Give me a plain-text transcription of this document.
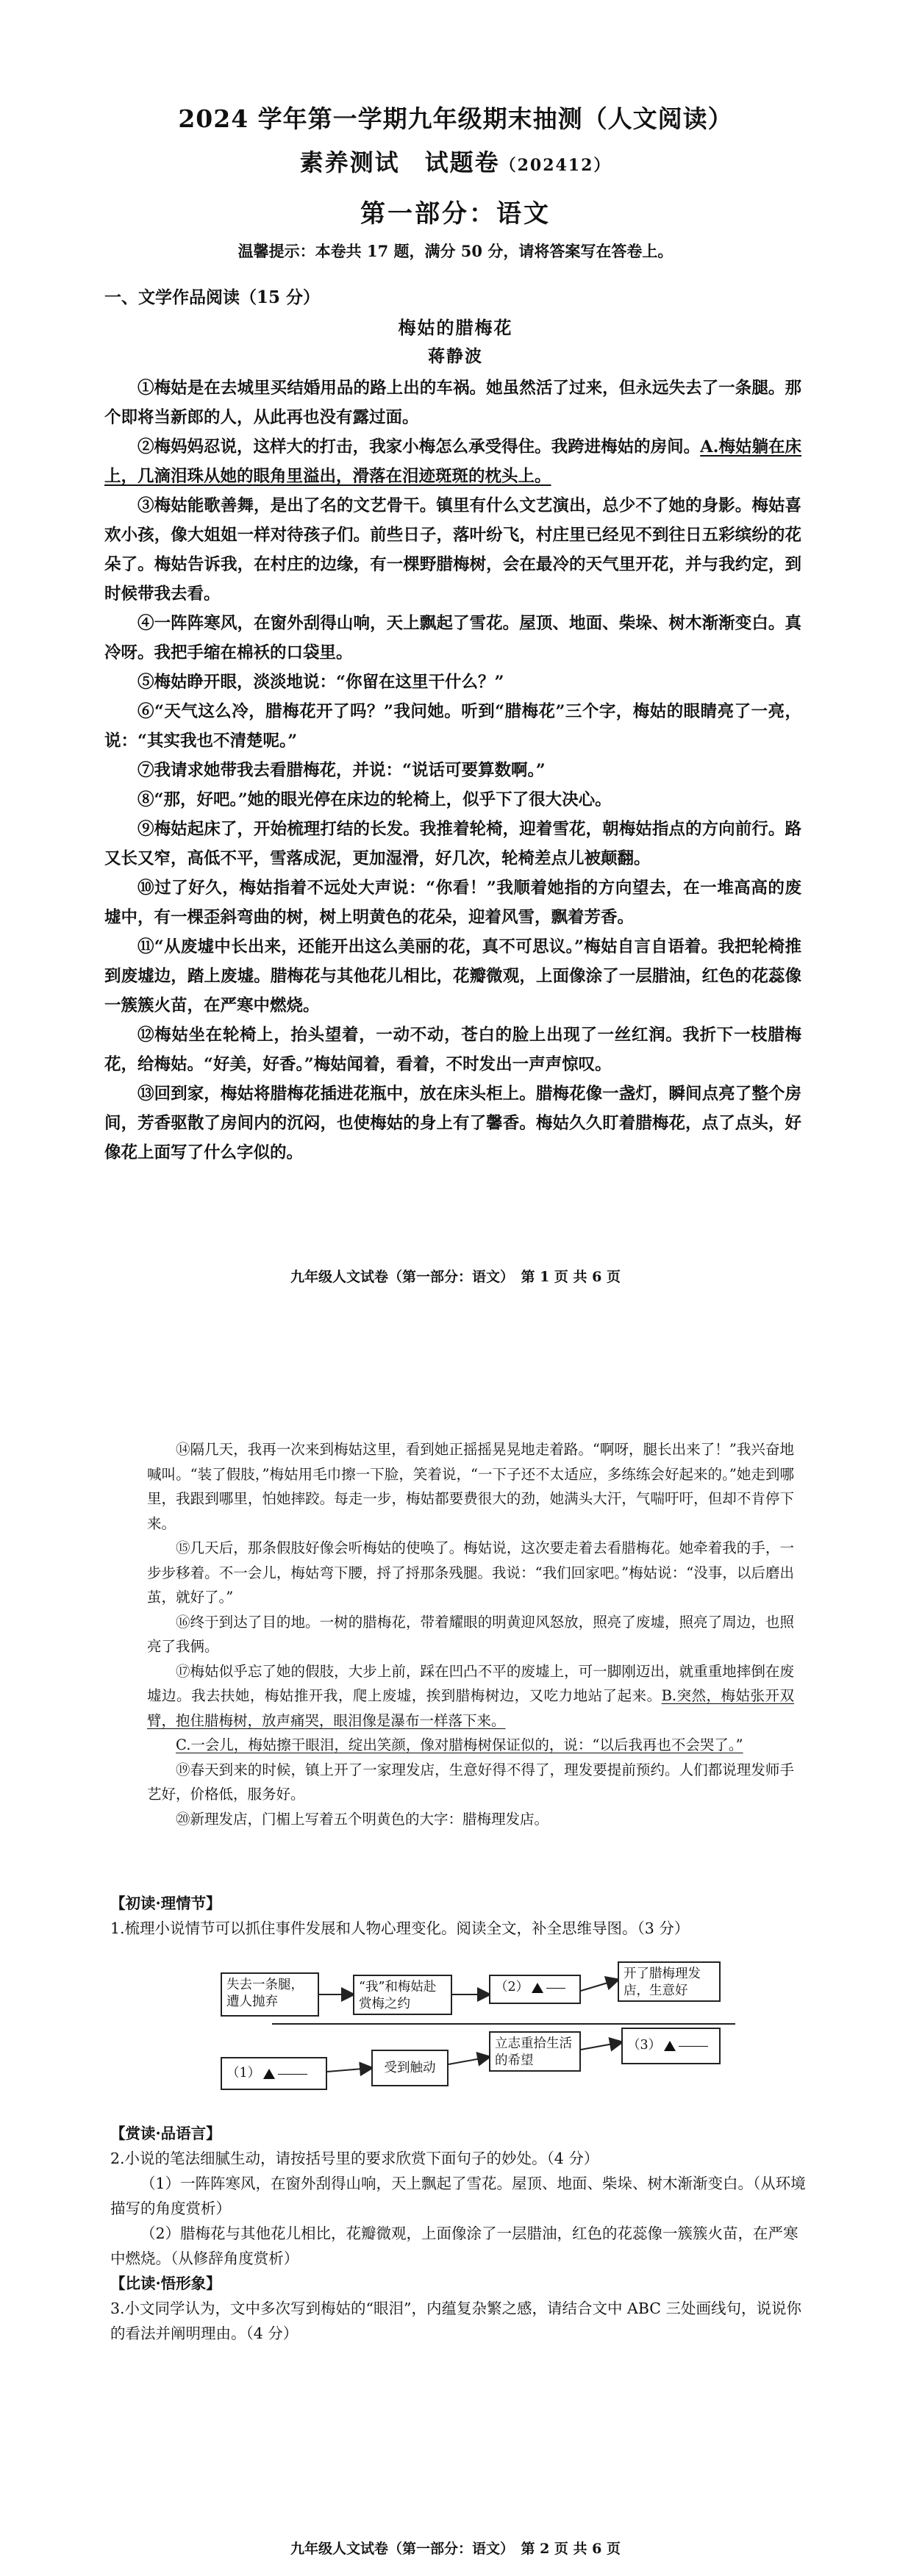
2024 学年第一学期九年级期末抽测（人文阅读）
素养测试　试题卷（202412）
第一部分：语文
温馨提示：本卷共 17 题，满分 50 分，请将答案写在答卷上。
一、文学作品阅读（15 分）
梅姑的腊梅花
蒋静波

①梅姑是在去城里买结婚用品的路上出的车祸。她虽然活了过来，但永远失去了一条腿。那个即将当新郎的人，从此再也没有露过面。

②梅妈妈忍说，这样大的打击，我家小梅怎么承受得住。我跨进梅姑的房间。A.梅姑躺在床上，几滴泪珠从她的眼角里溢出，滑落在泪迹斑斑的枕头上。

③梅姑能歌善舞，是出了名的文艺骨干。镇里有什么文艺演出，总少不了她的身影。梅姑喜欢小孩，像大姐姐一样对待孩子们。前些日子，落叶纷飞，村庄里已经见不到往日五彩缤纷的花朵了。梅姑告诉我，在村庄的边缘，有一棵野腊梅树，会在最冷的天气里开花，并与我约定，到时候带我去看。

④一阵阵寒风，在窗外刮得山响，天上飘起了雪花。屋顶、地面、柴垛、树木渐渐变白。真冷呀。我把手缩在棉袄的口袋里。

⑤梅姑睁开眼，淡淡地说：“你留在这里干什么？”

⑥“天气这么冷，腊梅花开了吗？”我问她。听到“腊梅花”三个字，梅姑的眼睛亮了一亮，说：“其实我也不清楚呢。”

⑦我请求她带我去看腊梅花，并说：“说话可要算数啊。”

⑧“那，好吧。”她的眼光停在床边的轮椅上，似乎下了很大决心。

⑨梅姑起床了，开始梳理打结的长发。我推着轮椅，迎着雪花，朝梅姑指点的方向前行。路又长又窄，高低不平，雪落成泥，更加湿滑，好几次，轮椅差点儿被颠翻。

⑩过了好久，梅姑指着不远处大声说：“你看！”我顺着她指的方向望去，在一堆高高的废墟中，有一棵歪斜弯曲的树，树上明黄色的花朵，迎着风雪，飘着芳香。

⑪“从废墟中长出来，还能开出这么美丽的花，真不可思议。”梅姑自言自语着。我把轮椅推到废墟边，踏上废墟。腊梅花与其他花儿相比，花瓣微观，上面像涂了一层腊油，红色的花蕊像一簇簇火苗，在严寒中燃烧。

⑫梅姑坐在轮椅上，抬头望着，一动不动，苍白的脸上出现了一丝红润。我折下一枝腊梅花，给梅姑。“好美，好香。”梅姑闻着，看着，不时发出一声声惊叹。

⑬回到家，梅姑将腊梅花插进花瓶中，放在床头柜上。腊梅花像一盏灯，瞬间点亮了整个房间，芳香驱散了房间内的沉闷，也使梅姑的身上有了馨香。梅姑久久盯着腊梅花，点了点头，好像花上面写了什么字似的。

九年级人文试卷（第一部分：语文）　第 1 页 共 6 页

⑭隔几天，我再一次来到梅姑这里，看到她正摇摇晃晃地走着路。“啊呀，腿长出来了！”我兴奋地喊叫。“装了假肢，”梅姑用毛巾擦一下脸，笑着说，“一下子还不太适应，多练练会好起来的。”她走到哪里，我跟到哪里，怕她摔跤。每走一步，梅姑都要费很大的劲，她满头大汗，气喘吁吁，但却不肯停下来。

⑮几天后，那条假肢好像会听梅姑的使唤了。梅姑说，这次要走着去看腊梅花。她牵着我的手，一步步移着。不一会儿，梅姑弯下腰，捋了捋那条残腿。我说：“我们回家吧。”梅姑说：“没事，以后磨出茧，就好了。”

⑯终于到达了目的地。一树的腊梅花，带着耀眼的明黄迎风怒放，照亮了废墟，照亮了周边，也照亮了我俩。

⑰梅姑似乎忘了她的假肢，大步上前，踩在凹凸不平的废墟上，可一脚刚迈出，就重重地摔倒在废墟边。我去扶她，梅姑推开我，爬上废墟，挨到腊梅树边，又吃力地站了起来。B.突然，梅姑张开双臂，抱住腊梅树，放声痛哭，眼泪像是瀑布一样落下来。

C.一会儿，梅姑擦干眼泪，绽出笑颜，像对腊梅树保证似的，说：“以后我再也不会哭了。”

⑲春天到来的时候，镇上开了一家理发店，生意好得不得了，理发要提前预约。人们都说理发师手艺好，价格低，服务好。

⑳新理发店，门楣上写着五个明黄色的大字：腊梅理发店。

【初读·理情节】

1.梳理小说情节可以抓住事件发展和人物心理变化。阅读全文，补全思维导图。（3 分）

失去一条腿，遭人抛弃
“我”和梅姑赴赏梅之约
（2）
开了腊梅理发店，生意好
（1）	受到触动
立志重拾生活的希望
（3）

【赏读·品语言】

2.小说的笔法细腻生动，请按括号里的要求欣赏下面句子的妙处。（4 分）

（1）一阵阵寒风，在窗外刮得山响，天上飘起了雪花。屋顶、地面、柴垛、树木渐渐变白。（从环境描写的角度赏析）

（2）腊梅花与其他花儿相比，花瓣微观，上面像涂了一层腊油，红色的花蕊像一簇簇火苗，在严寒中燃烧。（从修辞角度赏析）

【比读·悟形象】

3.小文同学认为，文中多次写到梅姑的“眼泪”，内蕴复杂繁之感，请结合文中 ABC 三处画线句，说说你的看法并阐明理由。（4 分）

九年级人文试卷（第一部分：语文）　第 2 页 共 6 页
